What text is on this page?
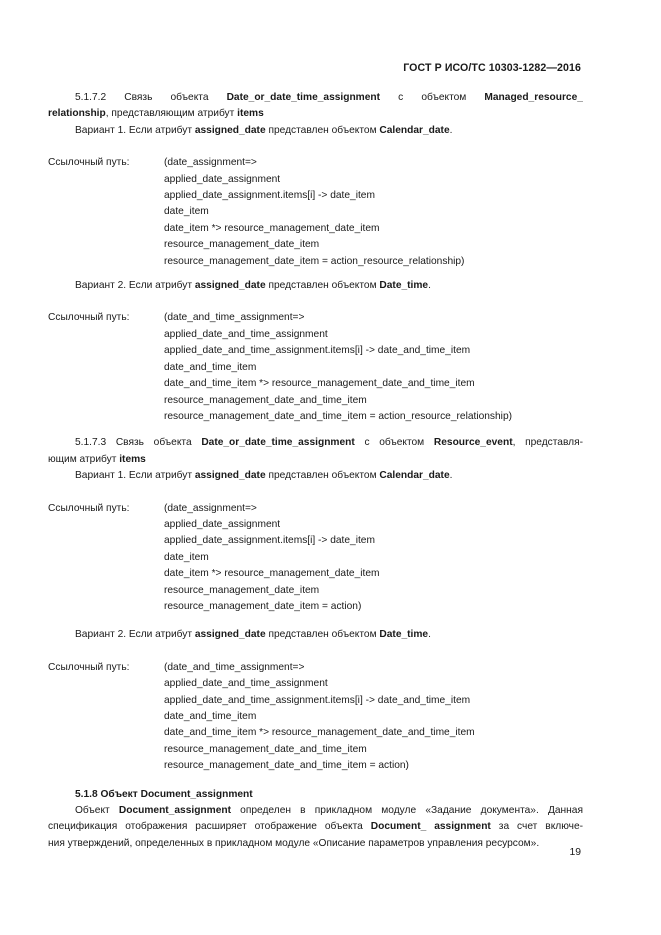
ГОСТ Р ИСО/ТС 10303-1282—2016
5.1.7.2 Связь объекта Date_or_date_time_assignment с объектом Managed_resource_
relationship, представляющим атрибут items
Вариант 1. Если атрибут assigned_date представлен объектом Calendar_date.
Ссылочный путь:	(date_assignment=>
applied_date_assignment
applied_date_assignment.items[i] -> date_item
date_item
date_item *> resource_management_date_item
resource_management_date_item
resource_management_date_item = action_resource_relationship)
Вариант 2. Если атрибут assigned_date представлен объектом Date_time.
Ссылочный путь:	(date_and_time_assignment=>
applied_date_and_time_assignment
applied_date_and_time_assignment.items[i] -> date_and_time_item
date_and_time_item
date_and_time_item *> resource_management_date_and_time_item
resource_management_date_and_time_item
resource_management_date_and_time_item = action_resource_relationship)
5.1.7.3 Связь объекта Date_or_date_time_assignment с объектом Resource_event, представля-
ющим атрибут items
Вариант 1. Если атрибут assigned_date представлен объектом Calendar_date.
Ссылочный путь:	(date_assignment=>
applied_date_assignment
applied_date_assignment.items[i] -> date_item
date_item
date_item *> resource_management_date_item
resource_management_date_item
resource_management_date_item = action)
Вариант 2. Если атрибут assigned_date представлен объектом Date_time.
Ссылочный путь:	(date_and_time_assignment=>
applied_date_and_time_assignment
applied_date_and_time_assignment.items[i] -> date_and_time_item
date_and_time_item
date_and_time_item *> resource_management_date_and_time_item
resource_management_date_and_time_item
resource_management_date_and_time_item = action)
5.1.8 Объект Document_assignment
Объект Document_assignment определен в прикладном модуле «Задание документа». Данная
спецификация отображения расширяет отображение объекта Document_ assignment за счет включе-
ния утверждений, определенных в прикладном модуле «Описание параметров управления ресурсом».
19
